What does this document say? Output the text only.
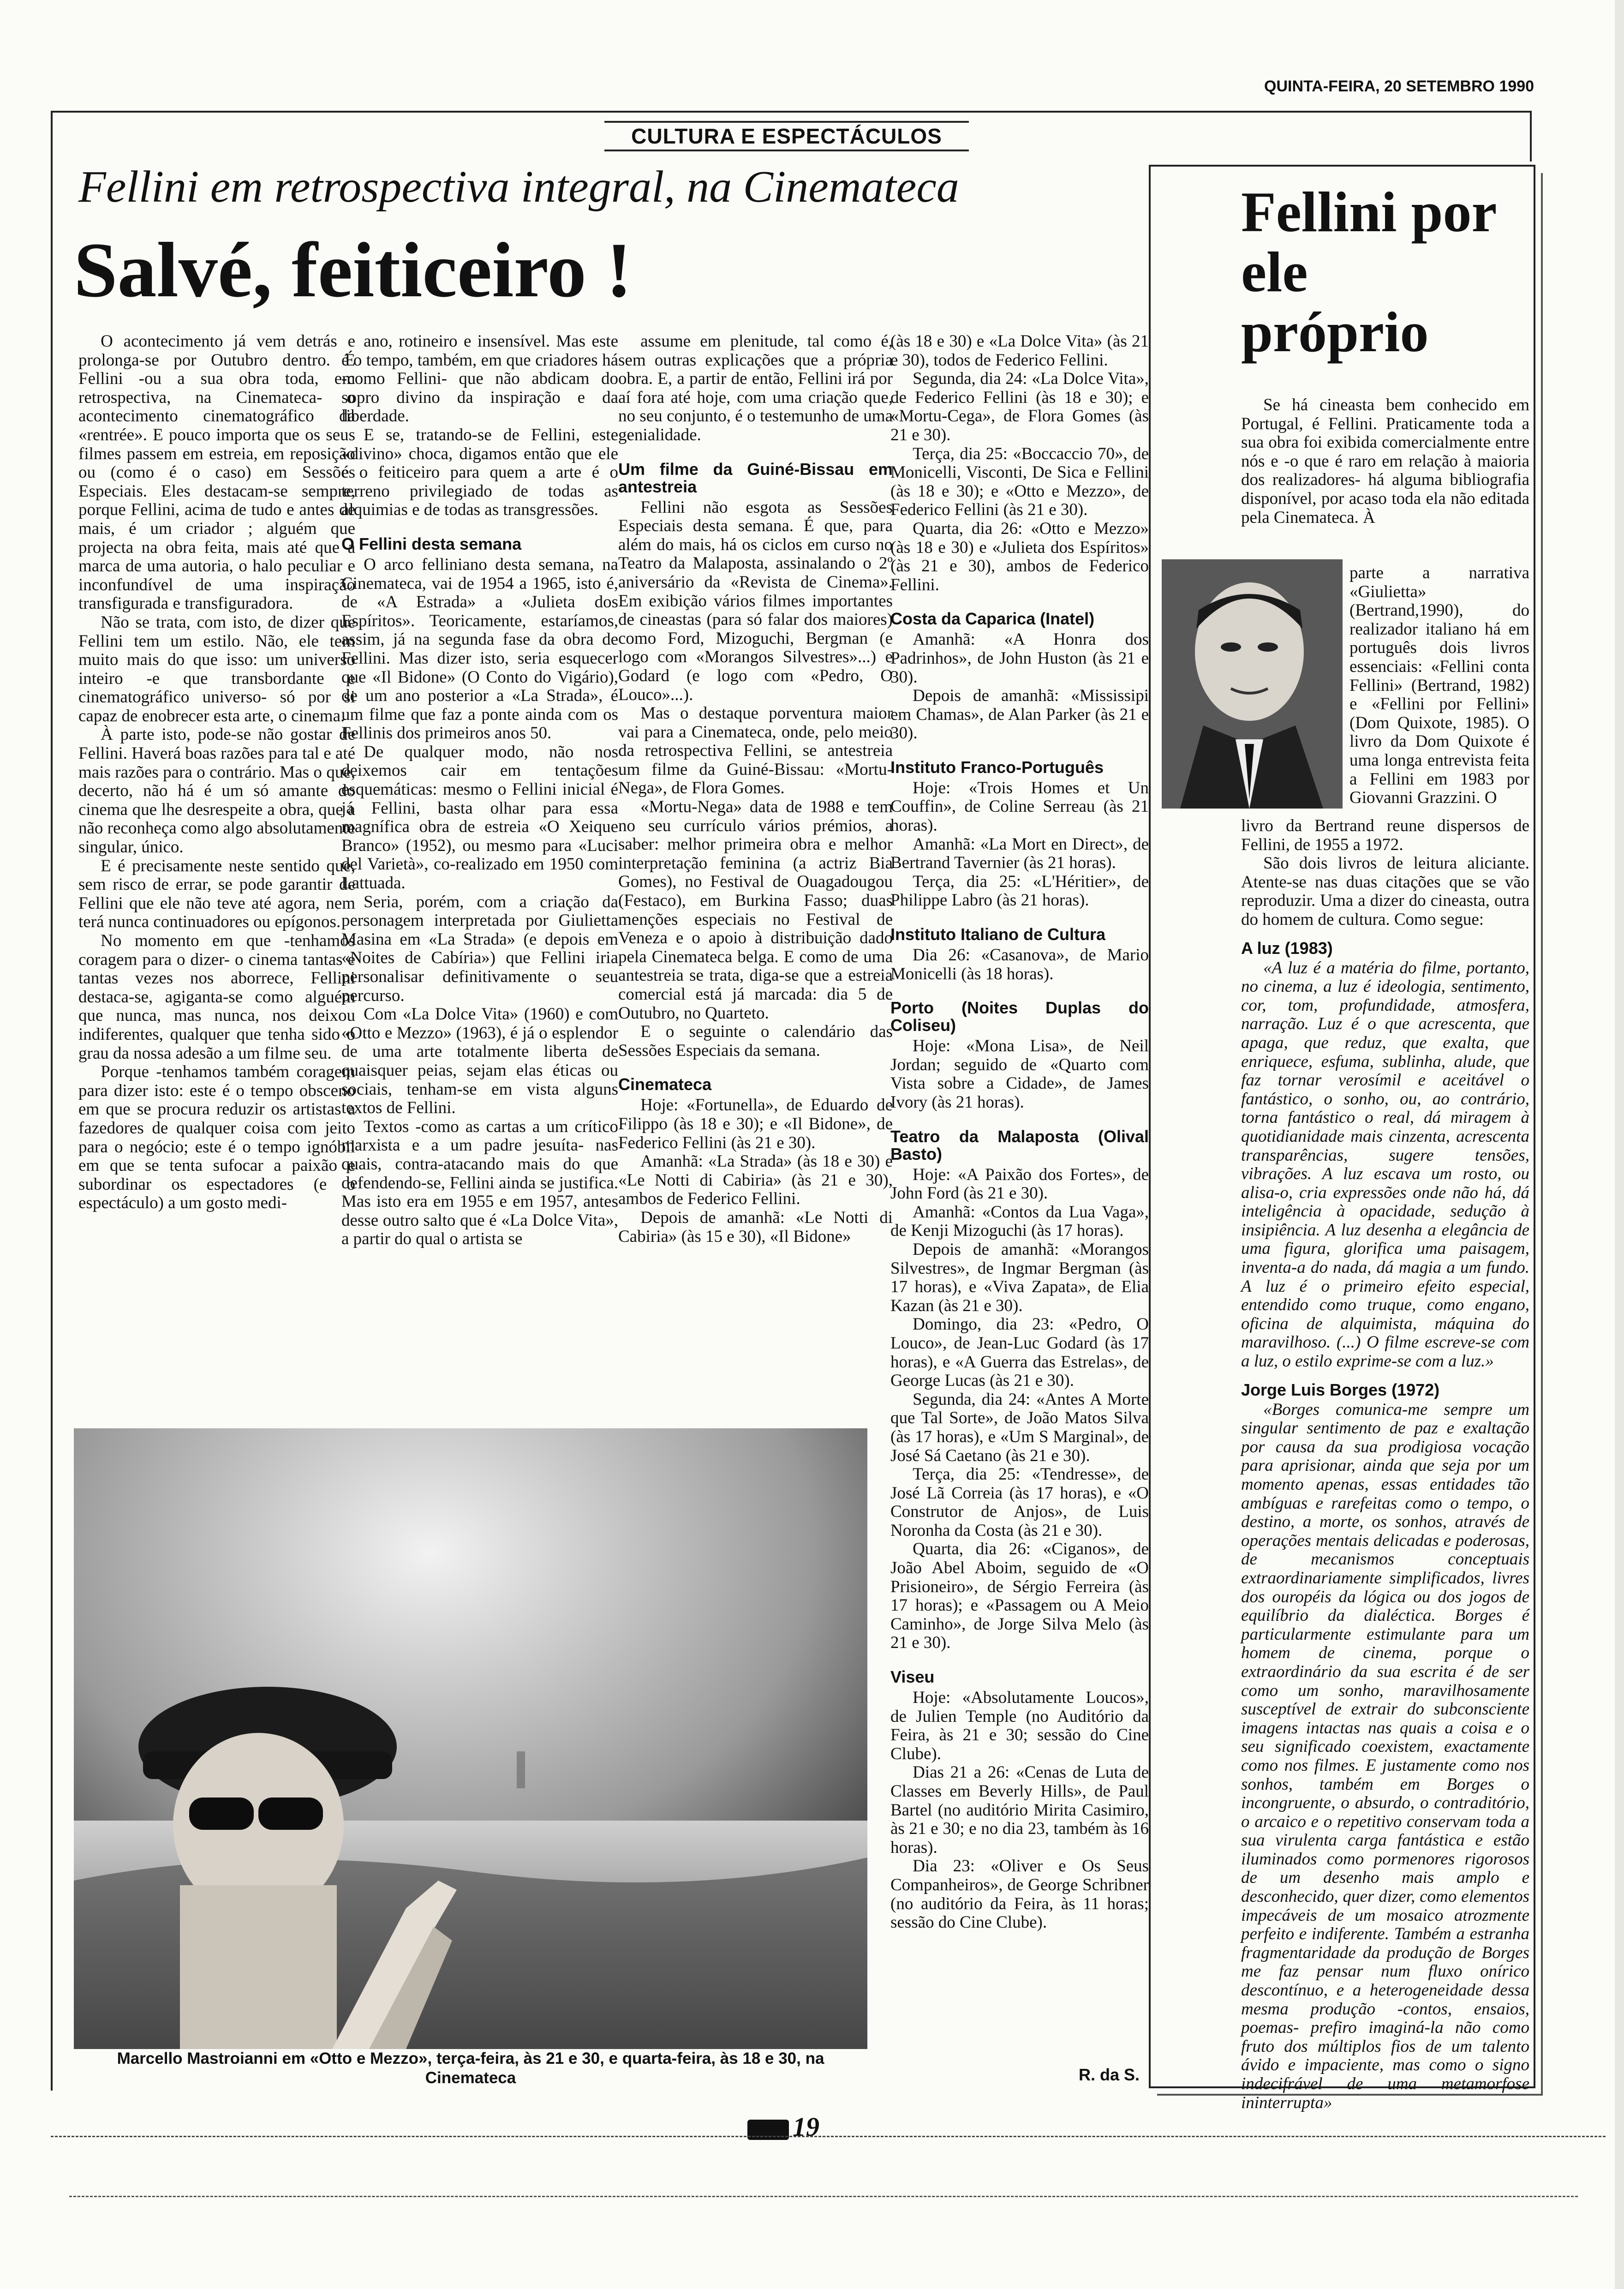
QUINTA-FEIRA, 20 SETEMBRO 1990
CULTURA E ESPECTÁCULOS
Fellini em retrospectiva integral, na Cinemateca
Salvé, feiticeiro !

O acontecimento já vem detrás e prolonga-se por Outubro dentro. É Fellini -ou a sua obra toda, em retrospectiva, na Cinemateca- o acontecimento cinematográfico da «rentrée». E pouco importa que os seus filmes passem em estreia, em reposição ou (como é o caso) em Sessões Especiais. Eles destacam-se sempre, porque Fellini, acima de tudo e antes de mais, é um criador ; alguém que projecta na obra feita, mais até que a marca de uma autoria, o halo peculiar e inconfundível de uma inspiração transfigurada e transfiguradora.

Não se trata, com isto, de dizer que Fellini tem um estilo. Não, ele tem muito mais do que isso: um universo inteiro -e que transbordante e cinematográfico universo- só por si capaz de enobrecer esta arte, o cinema.

À parte isto, pode-se não gostar de Fellini. Haverá boas razões para tal e até mais razões para o contrário. Mas o que, decerto, não há é um só amante do cinema que lhe desrespeite a obra, que a não reconheça como algo absolutamente singular, único.

E é precisamente neste sentido que, sem risco de errar, se pode garantir de Fellini que ele não teve até agora, nem terá nunca continuadores ou epígonos.

No momento em que -tenhamos coragem para o dizer- o cinema tantas e tantas vezes nos aborrece, Fellini destaca-se, agiganta-se como alguém que nunca, mas nunca, nos deixou indiferentes, qualquer que tenha sido o grau da nossa adesão a um filme seu.

Porque -tenhamos também coragem para dizer isto: este é o tempo obsceno em que se procura reduzir os artistas a fazedores de qualquer coisa com jeito para o negócio; este é o tempo ignóbil em que se tenta sufocar a paixão e subordinar os espectadores (e o espectáculo) a um gosto medi-

ano, rotineiro e insensível. Mas este é o tempo, também, em que criadores há -como Fellini- que não abdicam do sopro divino da inspiração e da liberdade.

E se, tratando-se de Fellini, este «divino» choca, digamos então que ele é o feiticeiro para quem a arte é o terreno privilegiado de todas as alquimias e de todas as transgressões.

O Fellini desta semana

O arco felliniano desta semana, na Cinemateca, vai de 1954 a 1965, isto é, de «A Estrada» a «Julieta dos Espíritos». Teoricamente, estaríamos, assim, já na segunda fase da obra de Fellini. Mas dizer isto, seria esquecer que «Il Bidone» (O Conto do Vigário), de um ano posterior a «La Strada», é um filme que faz a ponte ainda com os Fellinis dos primeiros anos 50.

De qualquer modo, não nos deixemos cair em tentações esquemáticas: mesmo o Fellini inicial é já Fellini, basta olhar para essa magnífica obra de estreia «O Xeique Branco» (1952), ou mesmo para «Luci del Varietà», co-realizado em 1950 com Lattuada.

Seria, porém, com a criação da personagem interpretada por Giulietta Masina em «La Strada» (e depois em «Noites de Cabíria») que Fellini iria personalisar definitivamente o seu percurso.

Com «La Dolce Vita» (1960) e com «Otto e Mezzo» (1963), é já o esplendor de uma arte totalmente liberta de quaisquer peias, sejam elas éticas ou sociais, tenham-se em vista alguns textos de Fellini.

Textos -como as cartas a um crítico marxista e a um padre jesuíta- nas quais, contra-atacando mais do que defendendo-se, Fellini ainda se justifica. Mas isto era em 1955 e em 1957, antes desse outro salto que é «La Dolce Vita», a partir do qual o artista se

assume em plenitude, tal como é, sem outras explicações que a própria obra. E, a partir de então, Fellini irá por aí fora até hoje, com uma criação que, no seu conjunto, é o testemunho de uma genialidade.

Um filme da Guiné-Bissau em antestreia

Fellini não esgota as Sessões Especiais desta semana. É que, para além do mais, há os ciclos em curso no Teatro da Malaposta, assinalando o 2º aniversário da «Revista de Cinema». Em exibição vários filmes importantes de cineastas (para só falar dos maiores) como Ford, Mizoguchi, Bergman (e logo com «Morangos Silvestres»...) e Godard (e logo com «Pedro, O Louco»...).

Mas o destaque porventura maior vai para a Cinemateca, onde, pelo meio da retrospectiva Fellini, se antestreia um filme da Guiné-Bissau: «Mortu-Nega», de Flora Gomes.

«Mortu-Nega» data de 1988 e tem no seu currículo vários prémios, a saber: melhor primeira obra e melhor interpretação feminina (a actriz Bia Gomes), no Festival de Ouagadougou (Festaco), em Burkina Fasso; duas menções especiais no Festival de Veneza e o apoio à distribuição dado pela Cinemateca belga. E como de uma antestreia se trata, diga-se que a estreia comercial está já marcada: dia 5 de Outubro, no Quarteto.

E o seguinte o calendário das Sessões Especiais da semana.

Cinemateca

Hoje: «Fortunella», de Eduardo de Filippo (às 18 e 30); e «Il Bidone», de Federico Fellini (às 21 e 30).

Amanhã: «La Strada» (às 18 e 30) e «Le Notti di Cabiria» (às 21 e 30), ambos de Federico Fellini.

Depois de amanhã: «Le Notti di Cabiria» (às 15 e 30), «Il Bidone»

(às 18 e 30) e «La Dolce Vita» (às 21 e 30), todos de Federico Fellini.

Segunda, dia 24: «La Dolce Vita», de Federico Fellini (às 18 e 30); e «Mortu-Cega», de Flora Gomes (às 21 e 30).

Terça, dia 25: «Boccaccio 70», de Monicelli, Visconti, De Sica e Fellini (às 18 e 30); e «Otto e Mezzo», de Federico Fellini (às 21 e 30).

Quarta, dia 26: «Otto e Mezzo» (às 18 e 30) e «Julieta dos Espíritos» (às 21 e 30), ambos de Federico Fellini.

Costa da Caparica (Inatel)

Amanhã: «A Honra dos Padrinhos», de John Huston (às 21 e 30).

Depois de amanhã: «Mississipi em Chamas», de Alan Parker (às 21 e 30).

Instituto Franco-Português

Hoje: «Trois Homes et Un Couffin», de Coline Serreau (às 21 horas).

Amanhã: «La Mort en Direct», de Bertrand Tavernier (às 21 horas).

Terça, dia 25: «L'Héritier», de Philippe Labro (às 21 horas).

Instituto Italiano de Cultura

Dia 26: «Casanova», de Mario Monicelli (às 18 horas).

Porto (Noites Duplas do Coliseu)

Hoje: «Mona Lisa», de Neil Jordan; seguido de «Quarto com Vista sobre a Cidade», de James Ivory (às 21 horas).

Teatro da Malaposta (Olival Basto)

Hoje: «A Paixão dos Fortes», de John Ford (às 21 e 30).

Amanhã: «Contos da Lua Vaga», de Kenji Mizoguchi (às 17 horas).

Depois de amanhã: «Morangos Silvestres», de Ingmar Bergman (às 17 horas), e «Viva Zapata», de Elia Kazan (às 21 e 30).

Domingo, dia 23: «Pedro, O Louco», de Jean-Luc Godard (às 17 horas), e «A Guerra das Estrelas», de George Lucas (às 21 e 30).

Segunda, dia 24: «Antes A Morte que Tal Sorte», de João Matos Silva (às 17 horas), e «Um S Marginal», de José Sá Caetano (às 21 e 30).

Terça, dia 25: «Tendresse», de José Lã Correia (às 17 horas), e «O Construtor de Anjos», de Luis Noronha da Costa (às 21 e 30).

Quarta, dia 26: «Ciganos», de João Abel Aboim, seguido de «O Prisioneiro», de Sérgio Ferreira (às 17 horas); e «Passagem ou A Meio Caminho», de Jorge Silva Melo (às 21 e 30).

Viseu

Hoje: «Absolutamente Loucos», de Julien Temple (no Auditório da Feira, às 21 e 30; sessão do Cine Clube).

Dias 21 a 26: «Cenas de Luta de Classes em Beverly Hills», de Paul Bartel (no auditório Mirita Casimiro, às 21 e 30; e no dia 23, também às 16 horas).

Dia 23: «Oliver e Os Seus Companheiros», de George Schribner (no auditório da Feira, às 11 horas; sessão do Cine Clube).

Marcello Mastroianni em «Otto e Mezzo», terça-feira, às 21 e 30, e quarta-feira, às 18 e 30, na Cinemateca	R. da S.
19
Fellini por ele próprio

Se há cineasta bem conhecido em Portugal, é Fellini. Praticamente toda a sua obra foi exibida comercialmente entre nós e -o que é raro em relação à maioria dos realizadores- há alguma bibliografia disponível, por acaso toda ela não editada pela Cinemateca. À

parte a narrativa «Giulietta» (Bertrand,1990), do realizador italiano há em português dois livros essenciais: «Fellini conta Fellini» (Bertrand, 1982) e «Fellini por Fellini» (Dom Quixote, 1985). O livro da Dom Quixote é uma longa entrevista feita a Fellini em 1983 por Giovanni Grazzini. O

livro da Bertrand reune dispersos de Fellini, de 1955 a 1972.

São dois livros de leitura aliciante. Atente-se nas duas citações que se vão reproduzir. Uma a dizer do cineasta, outra do homem de cultura. Como segue:

A luz (1983)

«A luz é a matéria do filme, portanto, no cinema, a luz é ideologia, sentimento, cor, tom, profundidade, atmosfera, narração. Luz é o que acrescenta, que apaga, que reduz, que exalta, que enriquece, esfuma, sublinha, alude, que faz tornar verosímil e aceitável o fantástico, o sonho, ou, ao contrário, torna fantástico o real, dá miragem à quotidianidade mais cinzenta, acrescenta transparências, sugere tensões, vibrações. A luz escava um rosto, ou alisa-o, cria expressões onde não há, dá inteligência à opacidade, sedução à insipiência. A luz desenha a elegância de uma figura, glorifica uma paisagem, inventa-a do nada, dá magia a um fundo. A luz é o primeiro efeito especial, entendido como truque, como engano, oficina de alquimista, máquina do maravilhoso. (...) O filme escreve-se com a luz, o estilo exprime-se com a luz.»

Jorge Luis Borges (1972)

«Borges comunica-me sempre um singular sentimento de paz e exaltação por causa da sua prodigiosa vocação para aprisionar, ainda que seja por um momento apenas, essas entidades tão ambíguas e rarefeitas como o tempo, o destino, a morte, os sonhos, através de operações mentais delicadas e poderosas, de mecanismos conceptuais extraordinariamente simplificados, livres dos ouropéis da lógica ou dos jogos de equilíbrio da dialéctica. Borges é particularmente estimulante para um homem de cinema, porque o extraordinário da sua escrita é de ser como um sonho, maravilhosamente susceptível de extrair do subconsciente imagens intactas nas quais a coisa e o seu significado coexistem, exactamente como nos filmes. E justamente como nos sonhos, também em Borges o incongruente, o absurdo, o contraditório, o arcaico e o repetitivo conservam toda a sua virulenta carga fantástica e estão iluminados como pormenores rigorosos de um desenho mais amplo e desconhecido, quer dizer, como elementos impecáveis de um mosaico atrozmente perfeito e indiferente. Também a estranha fragmentaridade da produção de Borges me faz pensar num fluxo onírico descontínuo, e a heterogeneidade dessa mesma produção -contos, ensaios, poemas- prefiro imaginá-la não como fruto dos múltiplos fios de um talento ávido e impaciente, mas como o signo indecifrável de uma metamorfose ininterrupta»
